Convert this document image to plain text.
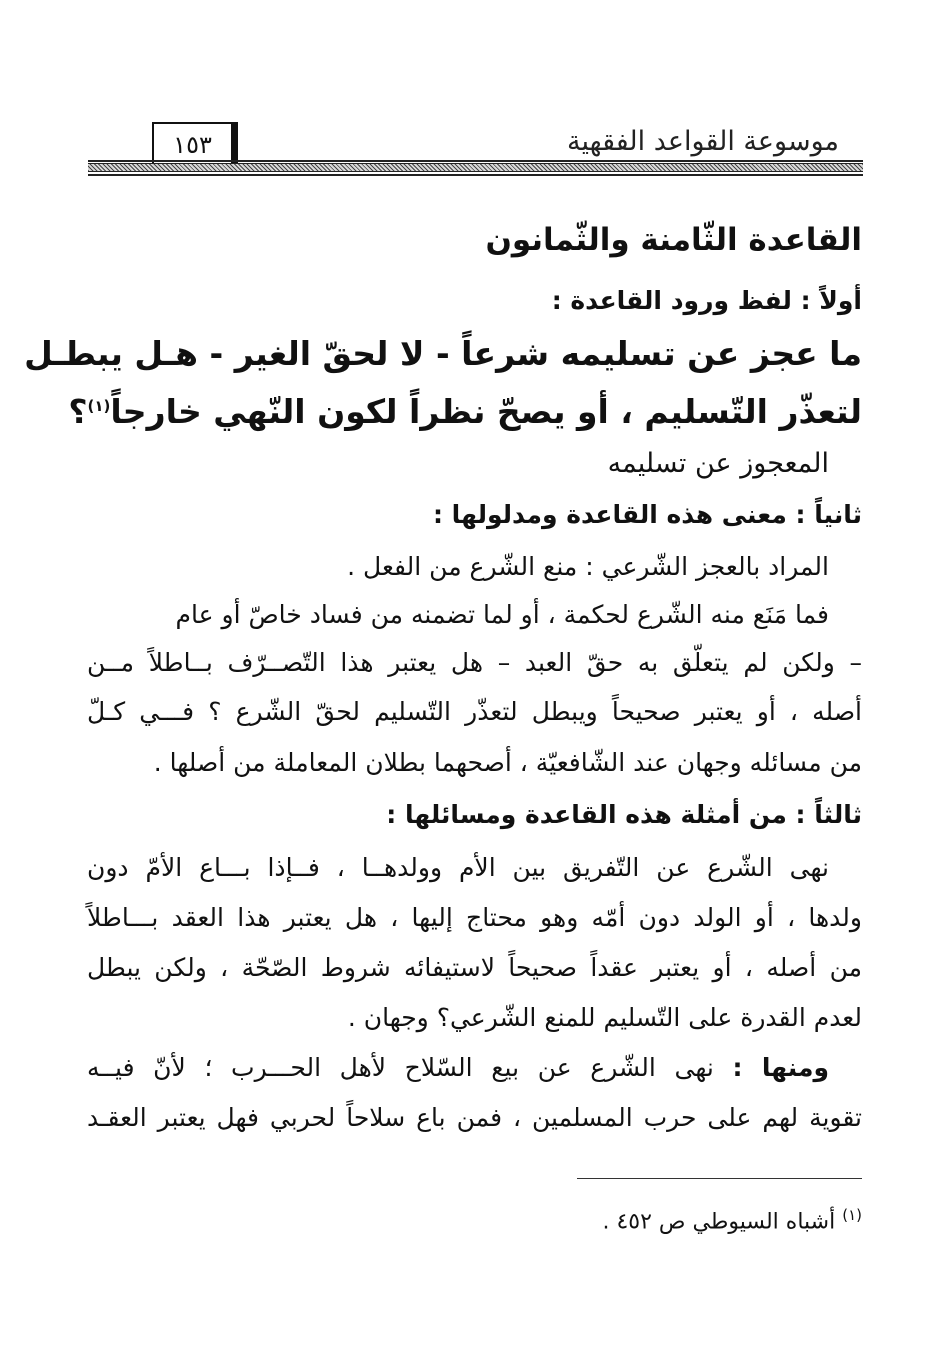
موسوعة القواعد الفقهية
١٥٣
القاعدة الثّامنة والثّمانون
أولاً : لفظ ورود القاعدة :
ما عجز عن تسليمه شرعاً - لا لحقّ الغير - هـل يبطـل
لتعذّر التّسليم ، أو يصحّ نظراً لكون النّهي خارجاً$^{(١)}$؟
المعجوز عن تسليمه
ثانياً : معنى هذه القاعدة ومدلولها :
المراد بالعجز الشّرعي : منع الشّرع من الفعل .
فما مَنَع منه الشّرع لحكمة ، أو لما تضمنه من فساد خاصّ أو عام
– ولكن لم يتعلّق به حقّ العبد – هل يعتبر هذا التّصــرّف بــاطلاً مــن
أصله ، أو يعتبر صحيحاً ويبطل لتعذّر التّسليم لحقّ الشّرع ؟ فـــي كـلّ
من مسائله وجهان عند الشّافعيّة ، أصحهما بطلان المعاملة من أصلها .
ثالثاً : من أمثلة هذه القاعدة ومسائلها :
نهى الشّرع عن التّفريق بين الأم وولدهــا ، فــإذا بـــاع الأمّ دون
ولدها ، أو الولد دون أمّه وهو محتاج إليها ، هل يعتبر هذا العقد بـــاطلاً
من أصله ، أو يعتبر عقداً صحيحاً لاستيفائه شروط الصّحّة ، ولكن يبطل
لعدم القدرة على التّسليم للمنع الشّرعي؟ وجهان .
ومنها : نهى الشّرع عن بيع السّلاح لأهل الحـــرب ؛ لأنّ فيــه
تقوية لهم على حرب المسلمين ، فمن باع سلاحاً لحربي فهل يعتبر العقـد
$^{(١)}$ أشباه السيوطي ص ٤٥٢ .
